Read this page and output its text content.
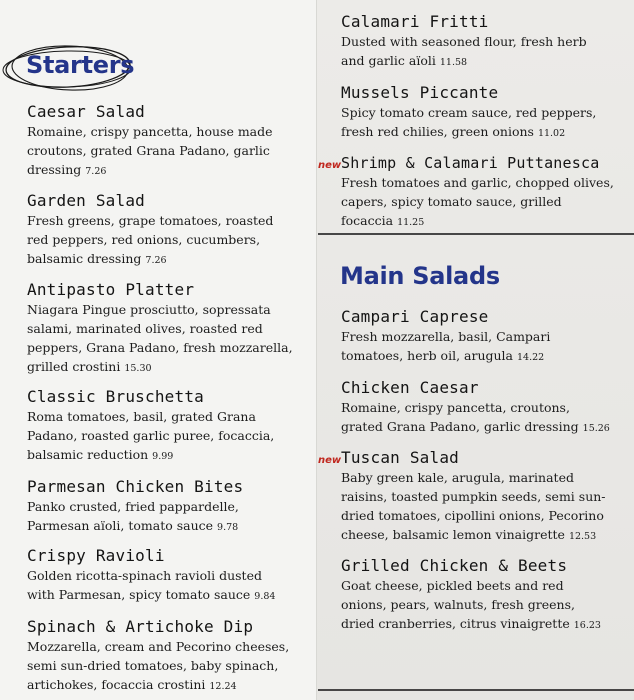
Starters
Caesar Salad
Romaine, crispy pancetta, house made croutons, grated Grana Padano, garlic dressing 7.26
Garden Salad
Fresh greens, grape tomatoes, roasted red peppers, red onions, cucumbers, balsamic dressing 7.26
Antipasto Platter
Niagara Pingue prosciutto, sopressata salami, marinated olives, roasted red peppers, Grana Padano, fresh mozzarella, grilled crostini 15.30
Classic Bruschetta
Roma tomatoes, basil, grated Grana Padano, roasted garlic puree, focaccia, balsamic reduction 9.99
Parmesan Chicken Bites
Panko crusted, fried pappardelle, Parmesan aïoli, tomato sauce 9.78
Crispy Ravioli
Golden ricotta-spinach ravioli dusted with Parmesan, spicy tomato sauce 9.84
Spinach & Artichoke Dip
Mozzarella, cream and Pecorino cheeses, semi sun-dried tomatoes, baby spinach, artichokes, focaccia crostini 12.24
Calamari Fritti
Dusted with seasoned flour, fresh herb and garlic aïoli 11.58
Mussels Piccante
Spicy tomato cream sauce, red peppers, fresh red chilies, green onions 11.02
new Shrimp & Calamari Puttanesca
Fresh tomatoes and garlic, chopped olives, capers, spicy tomato sauce, grilled focaccia 11.25
Main Salads
Campari Caprese
Fresh mozzarella, basil, Campari tomatoes, herb oil, arugula 14.22
Chicken Caesar
Romaine, crispy pancetta, croutons, grated Grana Padano, garlic dressing 15.26
new Tuscan Salad
Baby green kale, arugula, marinated raisins, toasted pumpkin seeds, semi sun-dried tomatoes, cipollini onions, Pecorino cheese, balsamic lemon vinaigrette 12.53
Grilled Chicken & Beets
Goat cheese, pickled beets and red onions, pears, walnuts, fresh greens, dried cranberries, citrus vinaigrette 16.23
